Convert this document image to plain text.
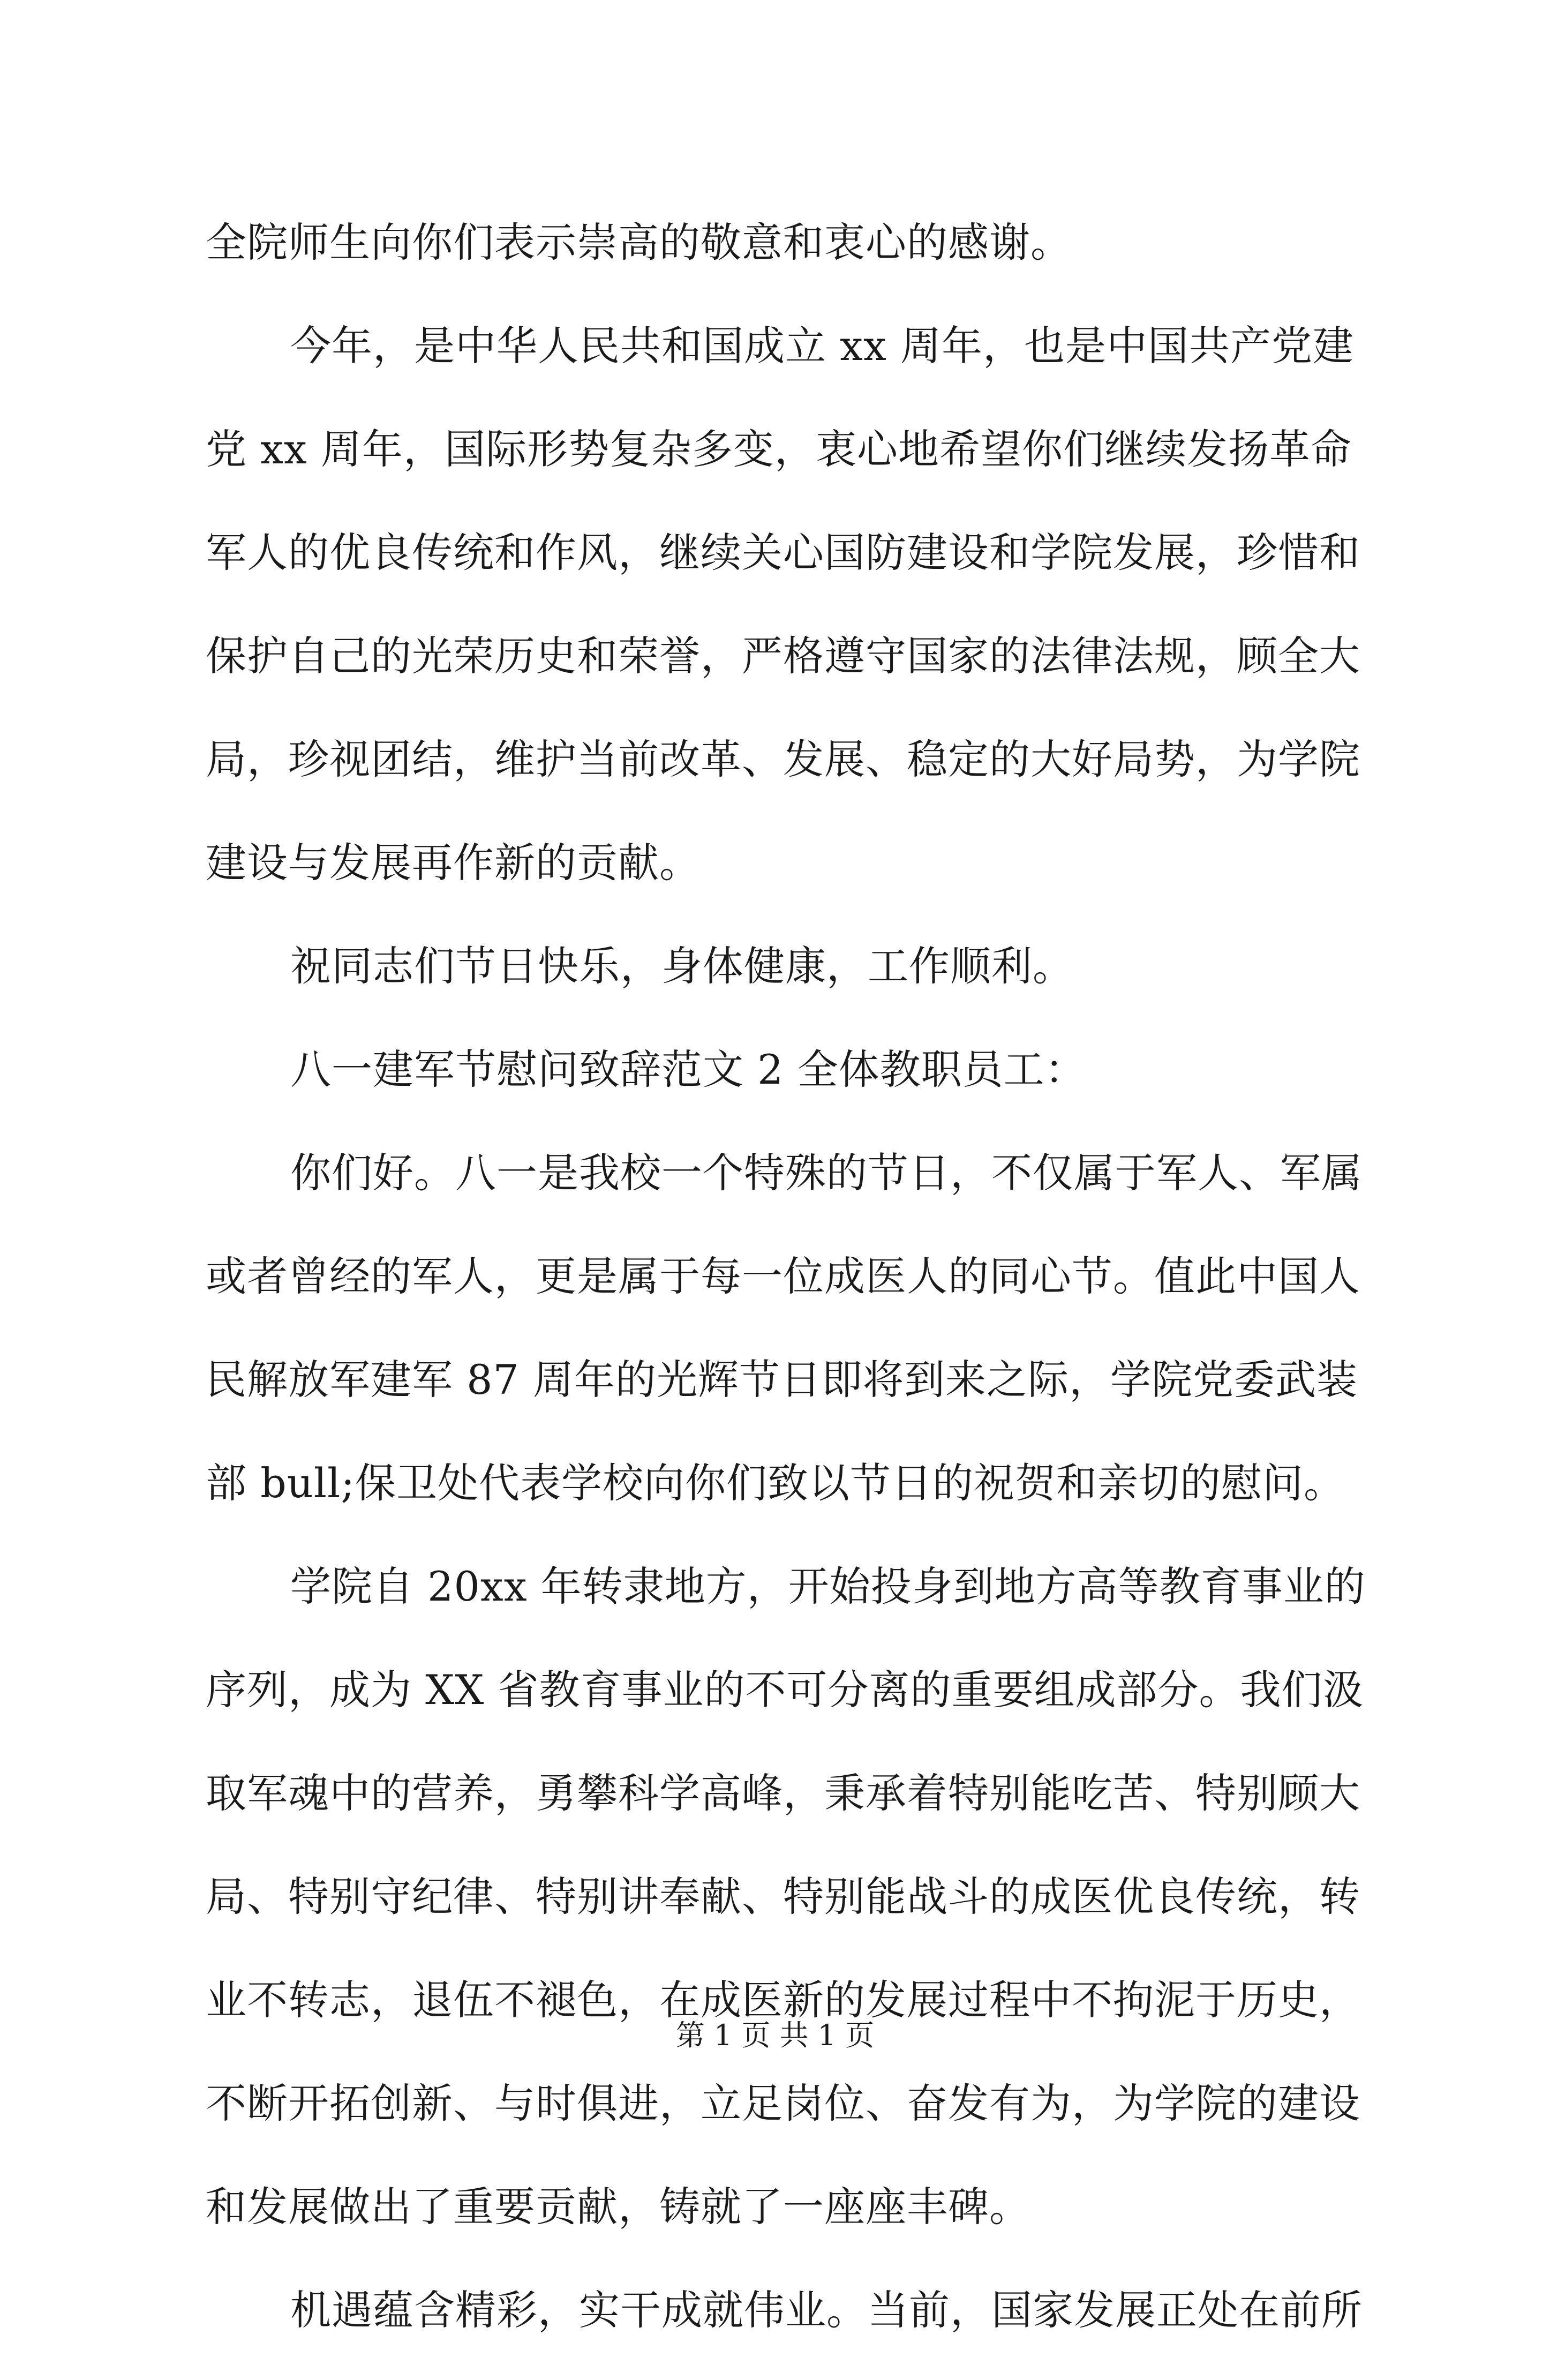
全院师生向你们表示崇高的敬意和衷心的感谢。
今年，是中华人民共和国成立 xx 周年，也是中国共产党建
党 xx 周年，国际形势复杂多变，衷心地希望你们继续发扬革命
军人的优良传统和作风，继续关心国防建设和学院发展，珍惜和
保护自己的光荣历史和荣誉，严格遵守国家的法律法规，顾全大
局，珍视团结，维护当前改革、发展、稳定的大好局势，为学院
建设与发展再作新的贡献。
祝同志们节日快乐，身体健康，工作顺利。
八一建军节慰问致辞范文 2 全体教职员工：
你们好。八一是我校一个特殊的节日，不仅属于军人、军属
或者曾经的军人，更是属于每一位成医人的同心节。值此中国人
民解放军建军 87 周年的光辉节日即将到来之际，学院党委武装
部 bull;保卫处代表学校向你们致以节日的祝贺和亲切的慰问。
学院自 20xx 年转隶地方，开始投身到地方高等教育事业的
序列，成为 XX 省教育事业的不可分离的重要组成部分。我们汲
取军魂中的营养，勇攀科学高峰，秉承着特别能吃苦、特别顾大
局、特别守纪律、特别讲奉献、特别能战斗的成医优良传统，转
业不转志，退伍不褪色，在成医新的发展过程中不拘泥于历史，
不断开拓创新、与时俱进，立足岗位、奋发有为，为学院的建设
和发展做出了重要贡献，铸就了一座座丰碑。
机遇蕴含精彩，实干成就伟业。当前，国家发展正处在前所
第 1 页 共 1 页
